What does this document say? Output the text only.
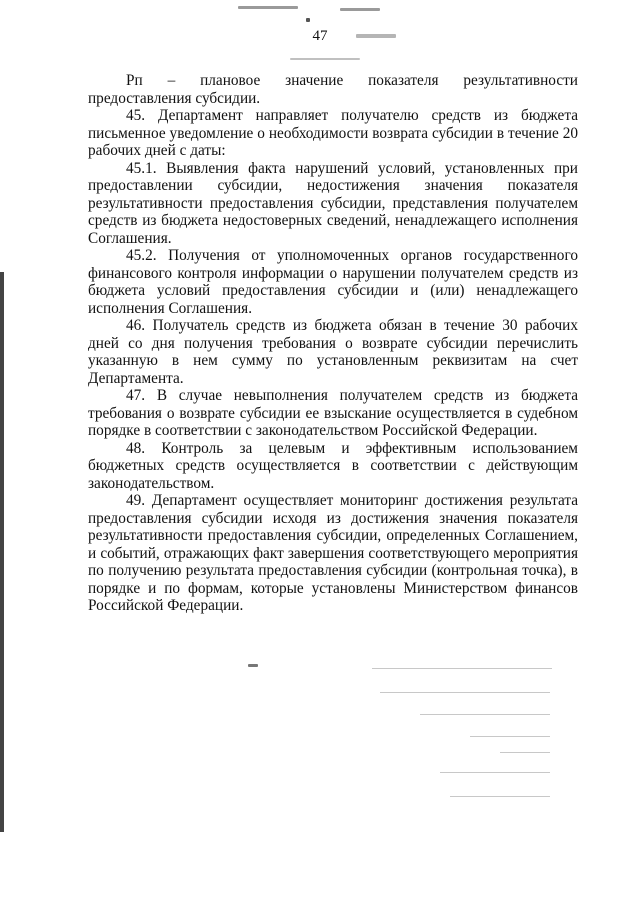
47

Pп – плановое значение показателя результативности предоставления субсидии.

45. Департамент направляет получателю средств из бюджета письменное уведомление о необходимости возврата субсидии в течение 20 рабочих дней с даты:

45.1. Выявления факта нарушений условий, установленных при предоставлении субсидии, недостижения значения показателя результативности предоставления субсидии, представления получателем средств из бюджета недостоверных сведений, ненадлежащего исполнения Соглашения.

45.2. Получения от уполномоченных органов государственного финансового контроля информации о нарушении получателем средств из бюджета условий предоставления субсидии и (или) ненадлежащего исполнения Соглашения.

46. Получатель средств из бюджета обязан в течение 30 рабочих дней со дня получения требования о возврате субсидии перечислить указанную в нем сумму по установленным реквизитам на счет Департамента.

47. В случае невыполнения получателем средств из бюджета требования о возврате субсидии ее взыскание осуществляется в судебном порядке в соответствии с законодательством Российской Федерации.

48. Контроль за целевым и эффективным использованием бюджетных средств осуществляется в соответствии с действующим законодательством.

49. Департамент осуществляет мониторинг достижения результата предоставления субсидии исходя из достижения значения показателя результативности предоставления субсидии, определенных Соглашением, и событий, отражающих факт завершения соответствующего мероприятия по получению результата предоставления субсидии (контрольная точка), в порядке и по формам, которые установлены Министерством финансов Российской Федерации.
